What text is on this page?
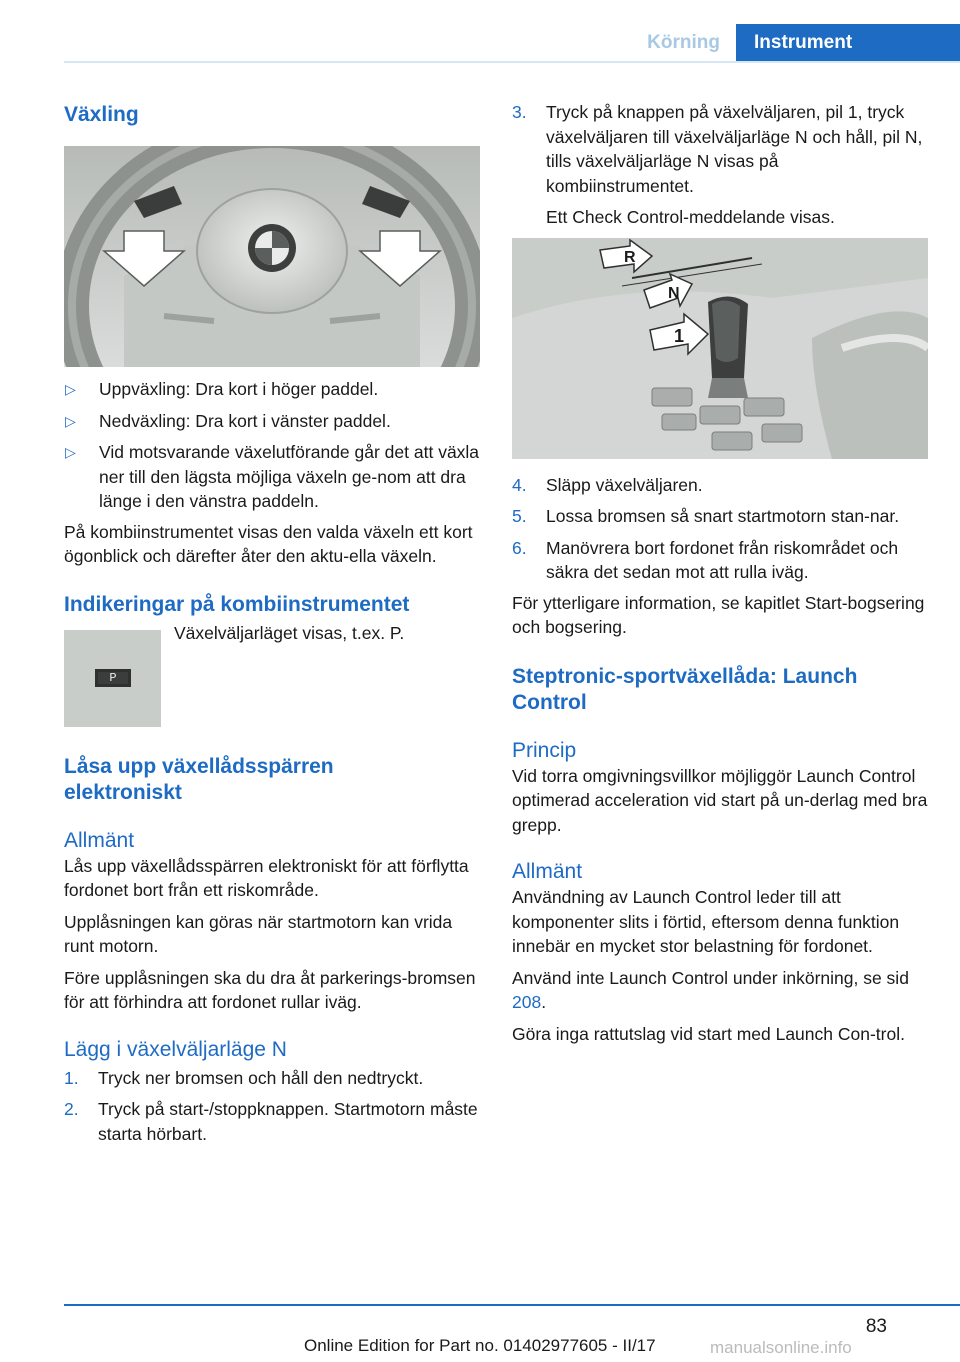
Körning	Instrument
Växling
▷ Uppväxling: Dra kort i höger paddel.
▷ Nedväxling: Dra kort i vänster paddel.
▷ Vid motsvarande växelutförande går det att växla ner till den lägsta möjliga växeln ge-nom att dra länge i den vänstra paddeln.

På kombiinstrumentet visas den valda växeln ett kort ögonblick och därefter åter den aktu-ella växeln.

Indikeringar på kombiinstrumentet
P

Växelväljarläget visas, t.ex. P.

Låsa upp växellådsspärren elektroniskt
Allmänt

Lås upp växellådsspärren elektroniskt för att förflytta fordonet bort från ett riskområde.

Upplåsningen kan göras när startmotorn kan vrida runt motorn.

Före upplåsningen ska du dra åt parkerings-bromsen för att förhindra att fordonet rullar iväg.

Lägg i växelväljarläge N
1. Tryck ner bromsen och håll den nedtryckt.
2. Tryck på start-/stoppknappen. Startmotorn måste starta hörbart.
3. Tryck på knappen på växelväljaren, pil 1, tryck växelväljaren till växelväljarläge N och håll, pil N, tills växelväljarläge N visas på kombiinstrumentet.

Ett Check Control-meddelande visas.

R
N
1
4. Släpp växelväljaren.
5. Lossa bromsen så snart startmotorn stan-nar.
6. Manövrera bort fordonet från riskområdet och säkra det sedan mot att rulla iväg.

För ytterligare information, se kapitlet Start-bogsering och bogsering.

Steptronic-sportväxellåda: Launch Control
Princip

Vid torra omgivningsvillkor möjliggör Launch Control optimerad acceleration vid start på un-derlag med bra grepp.

Allmänt

Användning av Launch Control leder till att komponenter slits i förtid, eftersom denna funktion innebär en mycket stor belastning för fordonet.

Använd inte Launch Control under inkörning, se sid 208.

Göra inga rattutslag vid start med Launch Con-trol.

83
Online Edition for Part no. 01402977605 - II/17	manualsonline.info
